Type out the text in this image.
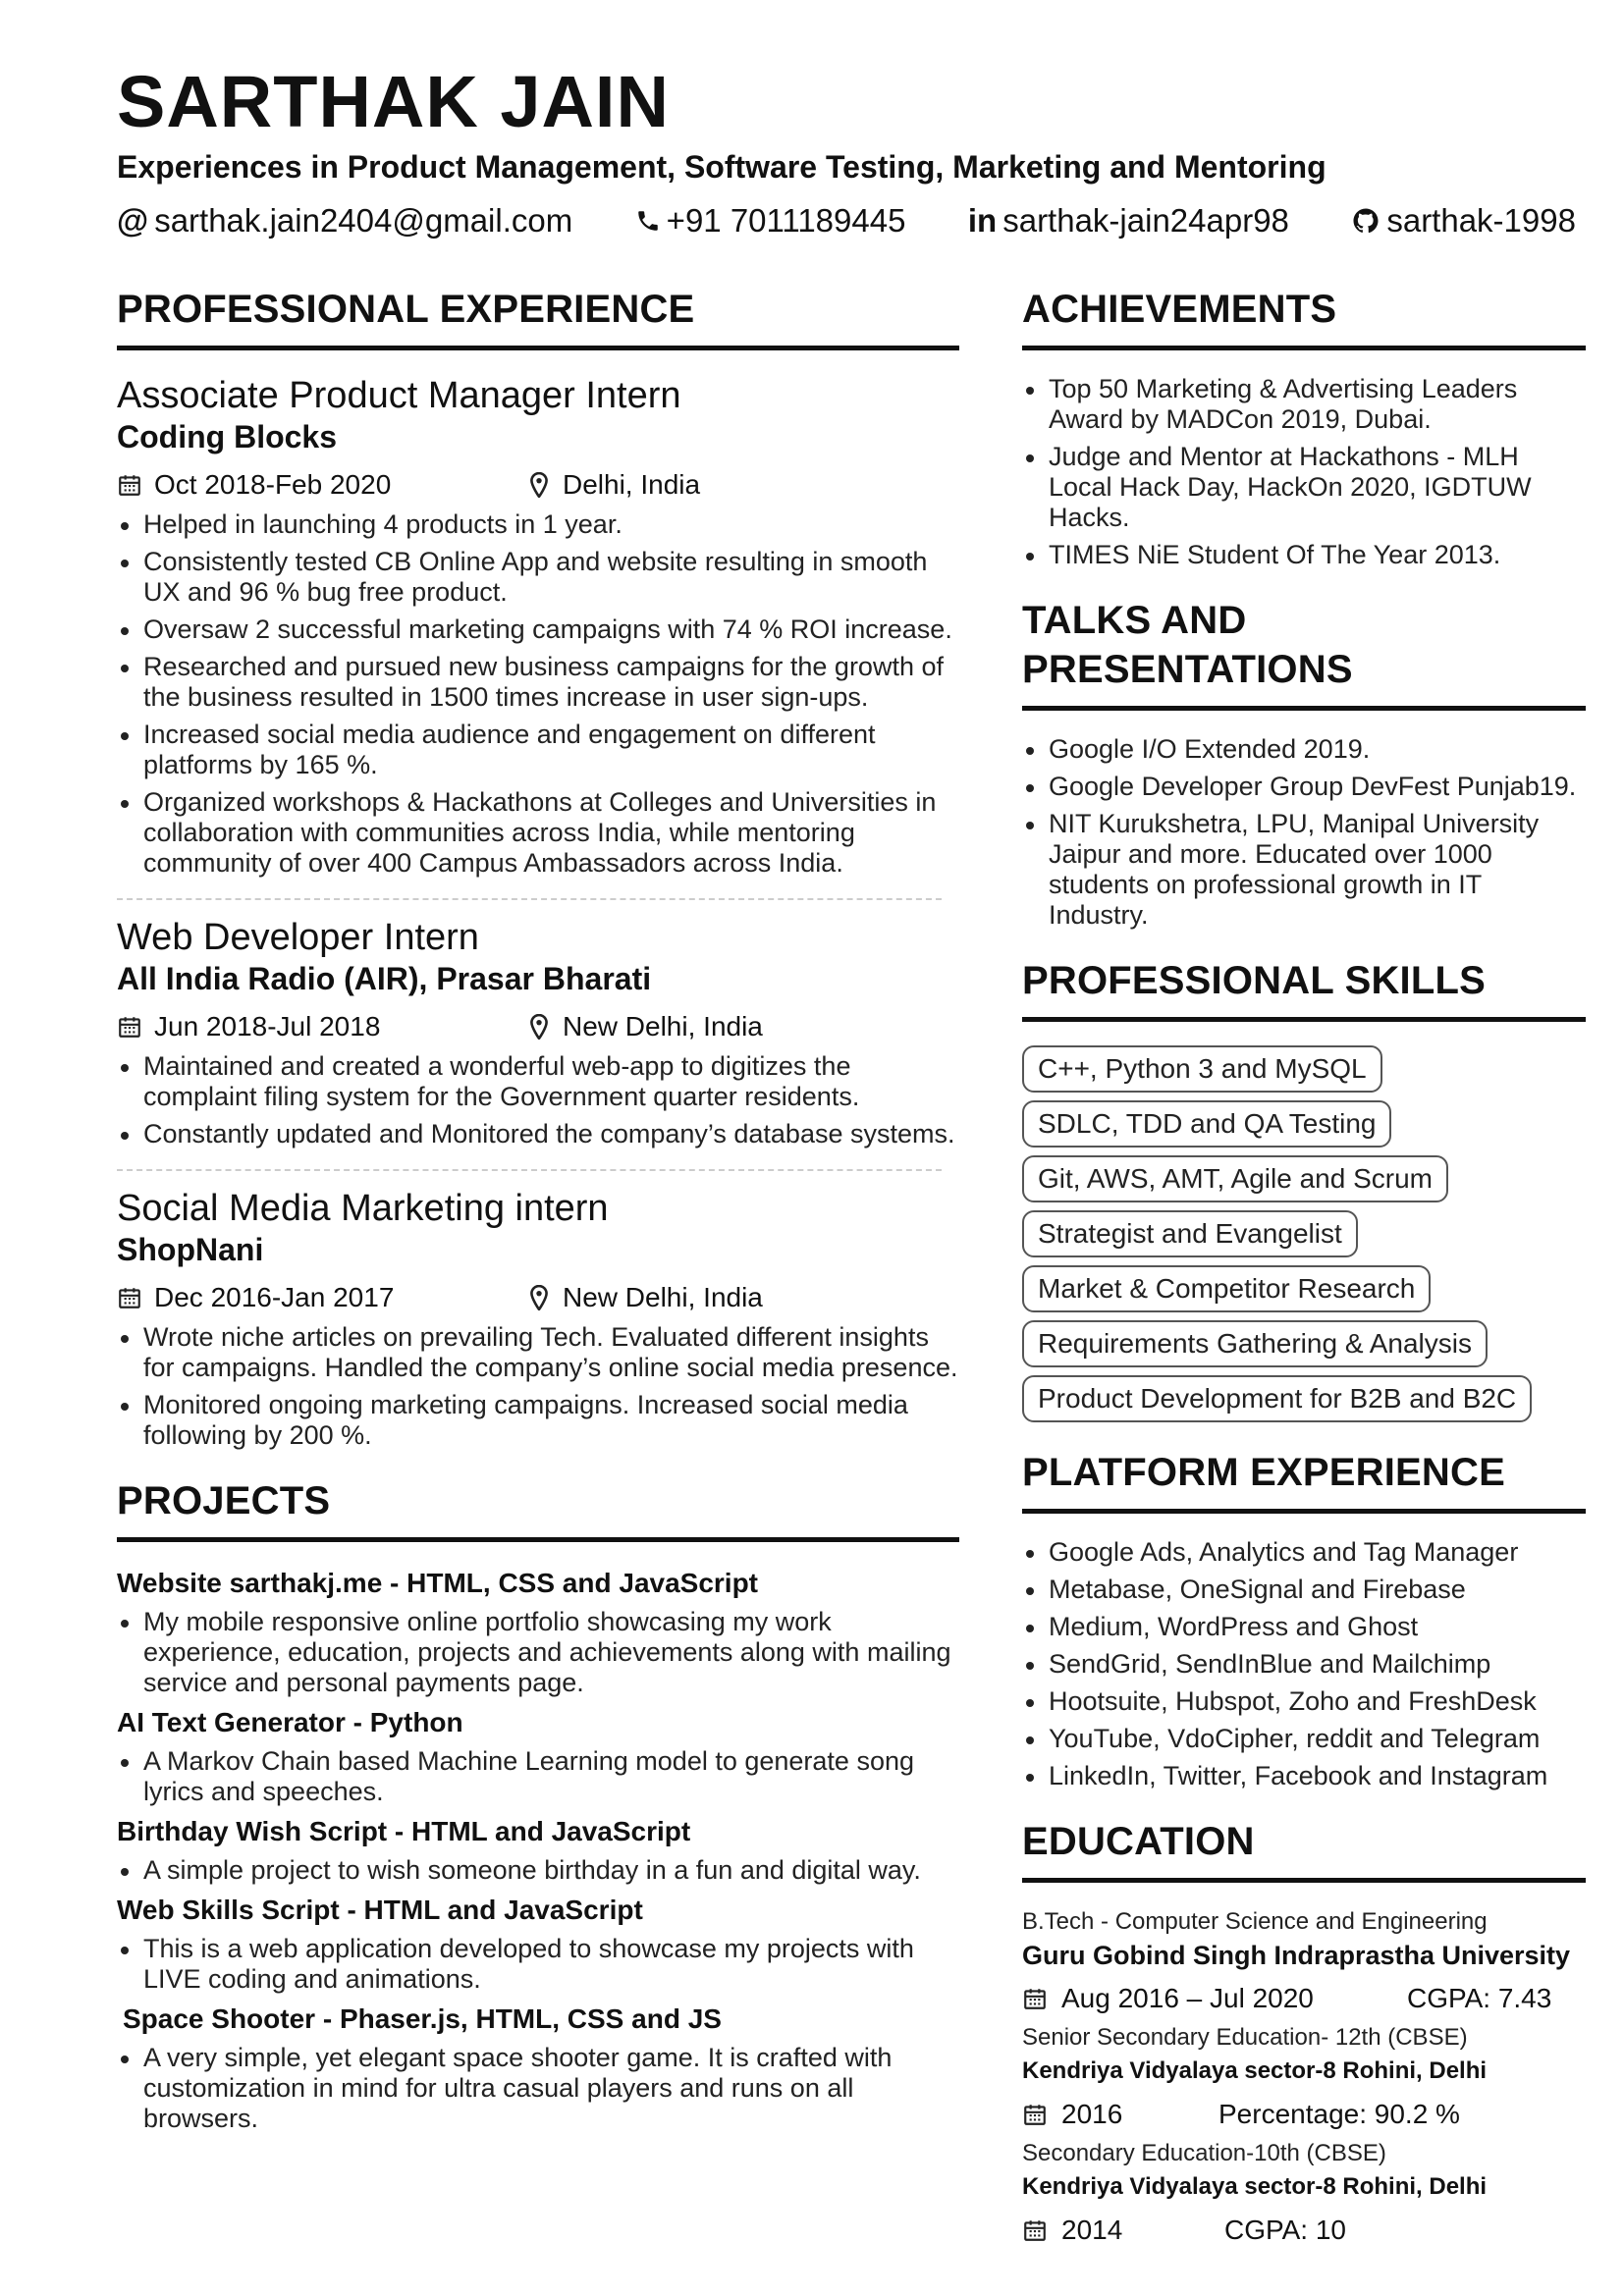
SARTHAK JAIN
Experiences in Product Management, Software Testing, Marketing and Mentoring
@ sarthak.jain2404@gmail.com	+91 7011189445 in sarthak-jain24apr98	sarthak-1998
PROFESSIONAL EXPERIENCE
Associate Product Manager Intern
Coding Blocks
Oct 2018-Feb 2020	Delhi, India
Helped in launching 4 products in 1 year.
Consistently tested CB Online App and website resulting in smooth UX and 96 % bug free product.
Oversaw 2 successful marketing campaigns with 74 % ROI increase.
Researched and pursued new business campaigns for the growth of the business resulted in 1500 times increase in user sign-ups.
Increased social media audience and engagement on different platforms by 165 %.
Organized workshops & Hackathons at Colleges and Universities in collaboration with communities across India, while mentoring community of over 400 Campus Ambassadors across India.
Web Developer Intern
All India Radio (AIR), Prasar Bharati
Jun 2018-Jul 2018	New Delhi, India
Maintained and created a wonderful web-app to digitizes the complaint filing system for the Government quarter residents.
Constantly updated and Monitored the company’s database systems.
Social Media Marketing intern
ShopNani
Dec 2016-Jan 2017	New Delhi, India
Wrote niche articles on prevailing Tech. Evaluated different insights for campaigns. Handled the company’s online social media presence.
Monitored ongoing marketing campaigns. Increased social media following by 200 %.
PROJECTS
Website sarthakj.me - HTML, CSS and JavaScript
My mobile responsive online portfolio showcasing my work experience, education, projects and achievements along with mailing service and personal payments page.
AI Text Generator - Python
A Markov Chain based Machine Learning model to generate song lyrics and speeches.
Birthday Wish Script - HTML and JavaScript
A simple project to wish someone birthday in a fun and digital way.
Web Skills Script - HTML and JavaScript
This is a web application developed to showcase my projects with LIVE coding and animations.
Space Shooter - Phaser.js, HTML, CSS and JS
A very simple, yet elegant space shooter game. It is crafted with customization in mind for ultra casual players and runs on all browsers.
ACHIEVEMENTS
Top 50 Marketing & Advertising Leaders Award by MADCon 2019, Dubai.
Judge and Mentor at Hackathons - MLH Local Hack Day, HackOn 2020, IGDTUW Hacks.
TIMES NiE Student Of The Year 2013.
TALKS AND PRESENTATIONS
Google I/O Extended 2019.
Google Developer Group DevFest Punjab19.
NIT Kurukshetra, LPU, Manipal University Jaipur and more. Educated over 1000 students on professional growth in IT Industry.
PROFESSIONAL SKILLS
C++, Python 3 and MySQL
SDLC, TDD and QA Testing
Git, AWS, AMT, Agile and Scrum
Strategist and Evangelist
Market & Competitor Research
Requirements Gathering & Analysis
Product Development for B2B and B2C
PLATFORM EXPERIENCE
Google Ads, Analytics and Tag Manager
Metabase, OneSignal and Firebase
Medium, WordPress and Ghost
SendGrid, SendInBlue and Mailchimp
Hootsuite, Hubspot, Zoho and FreshDesk
YouTube, VdoCipher, reddit and Telegram
LinkedIn, Twitter, Facebook and Instagram
EDUCATION
B.Tech - Computer Science and Engineering
Guru Gobind Singh Indraprastha University
Aug 2016 – Jul 2020	CGPA: 7.43
Senior Secondary Education- 12th (CBSE)
Kendriya Vidyalaya sector-8 Rohini, Delhi
2016	Percentage: 90.2 %
Secondary Education-10th (CBSE)
Kendriya Vidyalaya sector-8 Rohini, Delhi
2014	CGPA: 10
